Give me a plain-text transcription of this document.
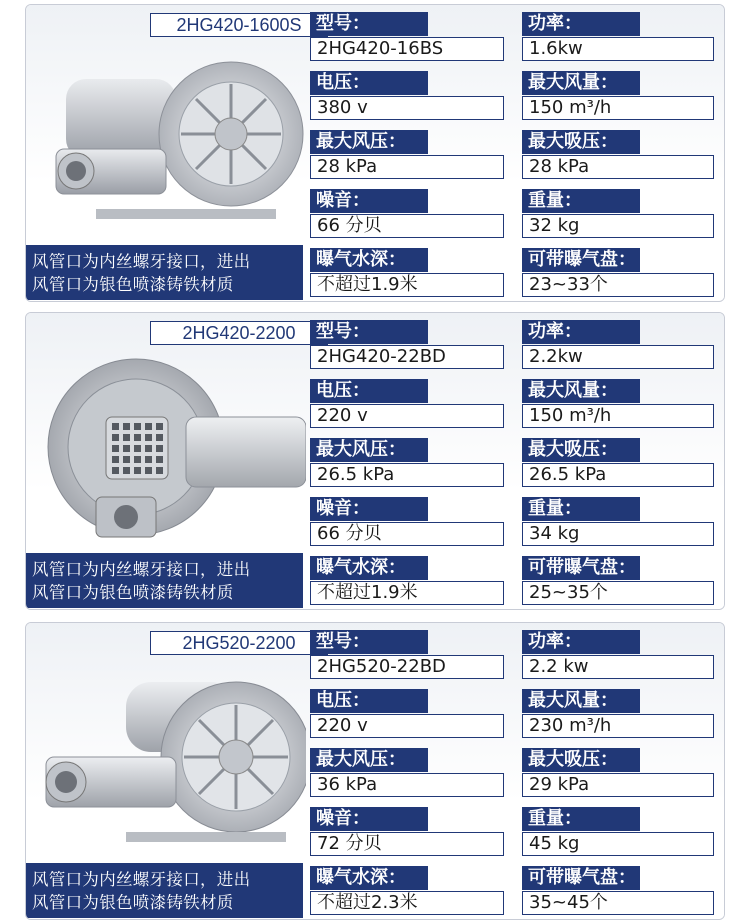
2HG420-1600S
风管口为内丝螺牙接口，进出
风管口为银色喷漆铸铁材质
2HG420-2200
风管口为内丝螺牙接口，进出
风管口为银色喷漆铸铁材质
2HG520-2200
风管口为内丝螺牙接口，进出
风管口为银色喷漆铸铁材质
型号：
2HG420-16BS
功率：
1.6kw
电压：
380 v
最大风量：
150 m³/h
最大风压：
28 kPa
最大吸压：
28 kPa
噪音：
66 分贝
重量：
32 kg
曝气水深：
不超过1.9米
可带曝气盘：
23~33个
型号：
2HG420-22BD
功率：
2.2kw
电压：
220 v
最大风量：
150 m³/h
最大风压：
26.5 kPa
最大吸压：
26.5 kPa
噪音：
66 分贝
重量：
34 kg
曝气水深：
不超过1.9米
可带曝气盘：
25~35个
型号：
2HG520-22BD
功率：
2.2 kw
电压：
220 v
最大风量：
230 m³/h
最大风压：
36 kPa
最大吸压：
29 kPa
噪音：
72 分贝
重量：
45 kg
曝气水深：
不超过2.3米
可带曝气盘：
35~45个
